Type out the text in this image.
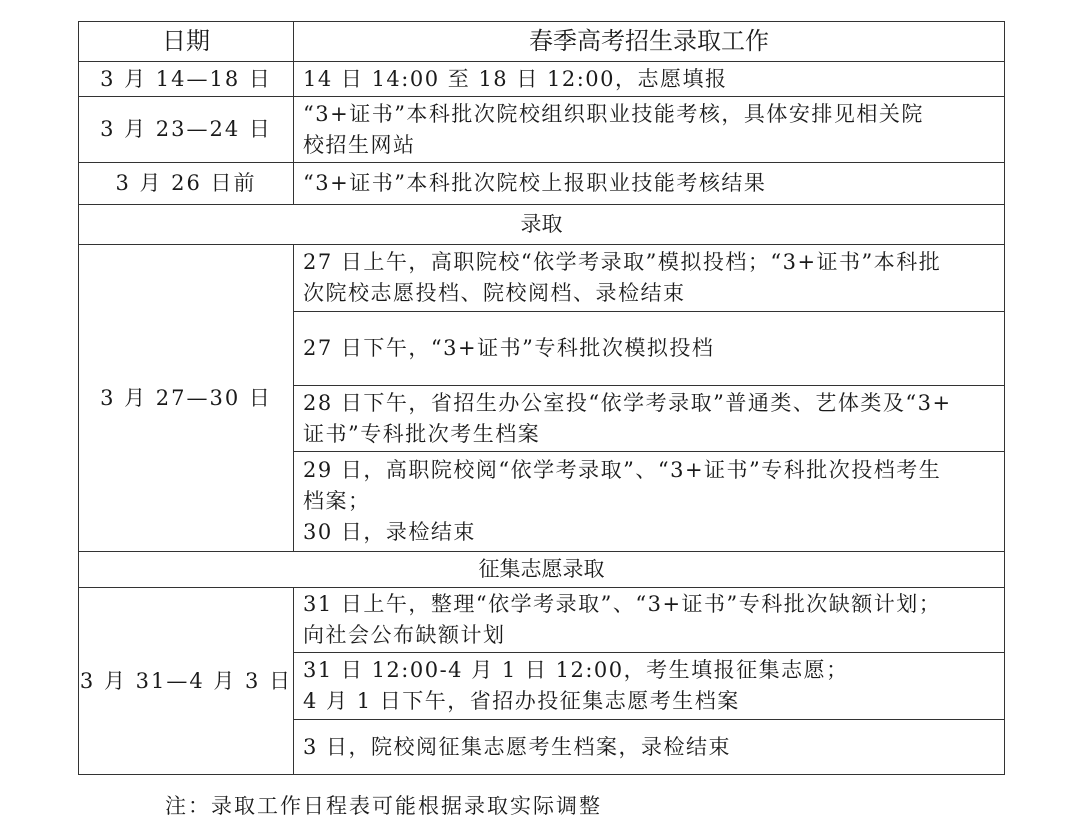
日期	春季高考招生录取工作
3 月 14—18 日	14 日 14:00 至 18 日 12:00，志愿填报

3 月 23—24 日	“3+证书”本科批次院校组织职业技能考核，具体安排见相关院
校招生网站

3 月 26 日前	“3+证书”本科批次院校上报职业技能考核结果

录取	
3 月 27—30 日	27 日上午，高职院校“依学考录取”模拟投档；“3+证书”本科批
次院校志愿投档、院校阅档、录检结束

	27 日下午，“3+证书”专科批次模拟投档

	28 日下午，省招生办公室投“依学考录取”普通类、艺体类及“3+
证书”专科批次考生档案

	29 日，高职院校阅“依学考录取”、“3+证书”专科批次投档考生
档案；
30 日，录检结束

征集志愿录取	
3 月 31—4 月 3 日	31 日上午，整理“依学考录取”、“3+证书”专科批次缺额计划；
向社会公布缺额计划

	31 日 12:00-4 月 1 日 12:00，考生填报征集志愿；
4 月 1 日下午，省招办投征集志愿考生档案

	3 日，院校阅征集志愿考生档案，录检结束
注：录取工作日程表可能根据录取实际调整
